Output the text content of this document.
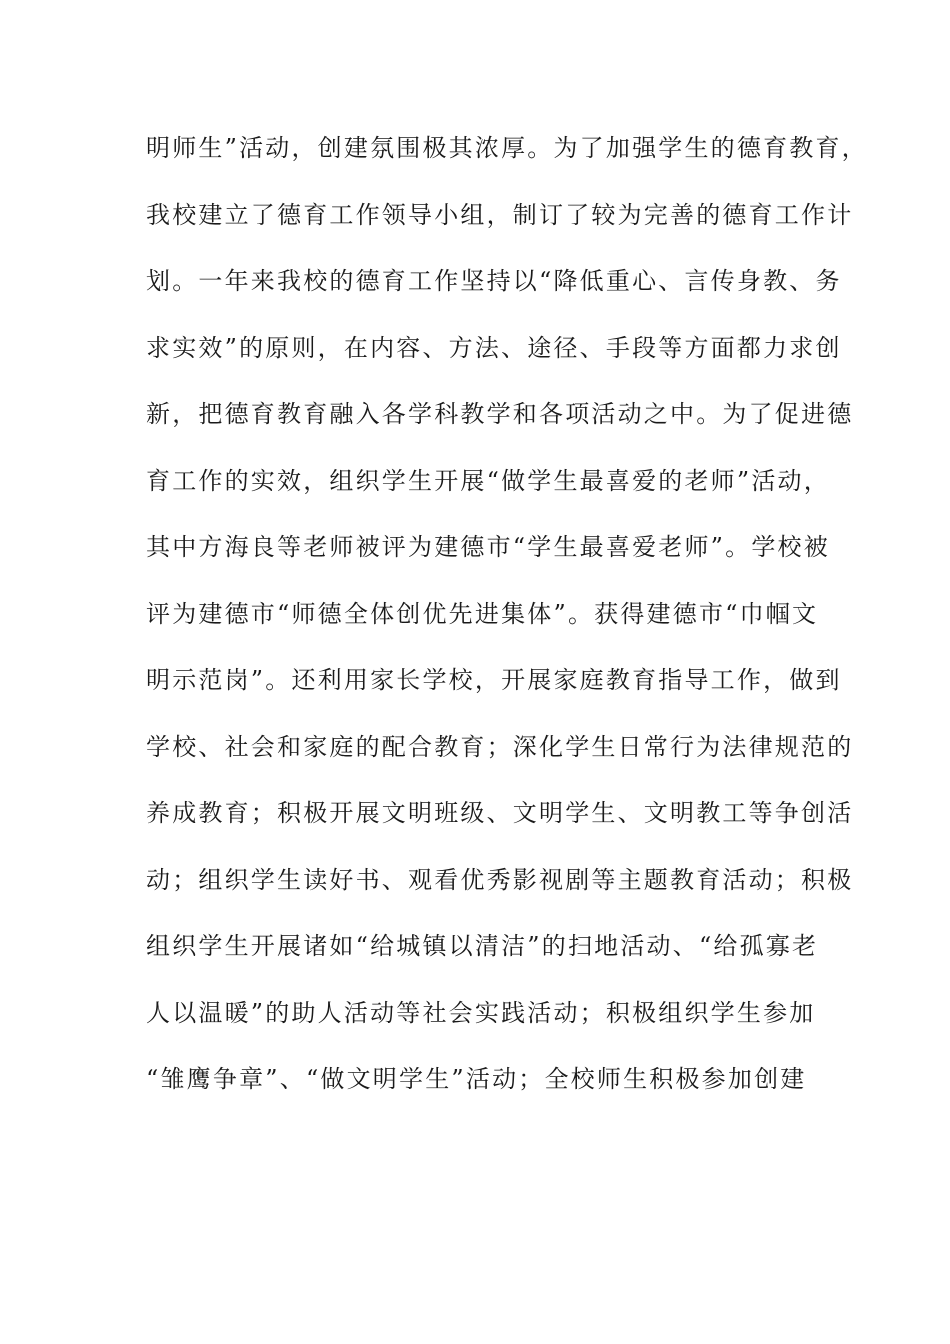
明师生”活动，创建氛围极其浓厚。为了加强学生的德育教育，
我校建立了德育工作领导小组，制订了较为完善的德育工作计
划。一年来我校的德育工作坚持以“降低重心、言传身教、务
求实效”的原则，在内容、方法、途径、手段等方面都力求创
新，把德育教育融入各学科教学和各项活动之中。为了促进德
育工作的实效，组织学生开展“做学生最喜爱的老师”活动，
其中方海良等老师被评为建德市“学生最喜爱老师”。学校被
评为建德市“师德全体创优先进集体”。获得建德市“巾帼文
明示范岗”。还利用家长学校，开展家庭教育指导工作，做到
学校、社会和家庭的配合教育；深化学生日常行为法律规范的
养成教育；积极开展文明班级、文明学生、文明教工等争创活
动；组织学生读好书、观看优秀影视剧等主题教育活动；积极
组织学生开展诸如“给城镇以清洁”的扫地活动、“给孤寡老
人以温暖”的助人活动等社会实践活动；积极组织学生参加
“雏鹰争章”、“做文明学生”活动；全校师生积极参加创建
